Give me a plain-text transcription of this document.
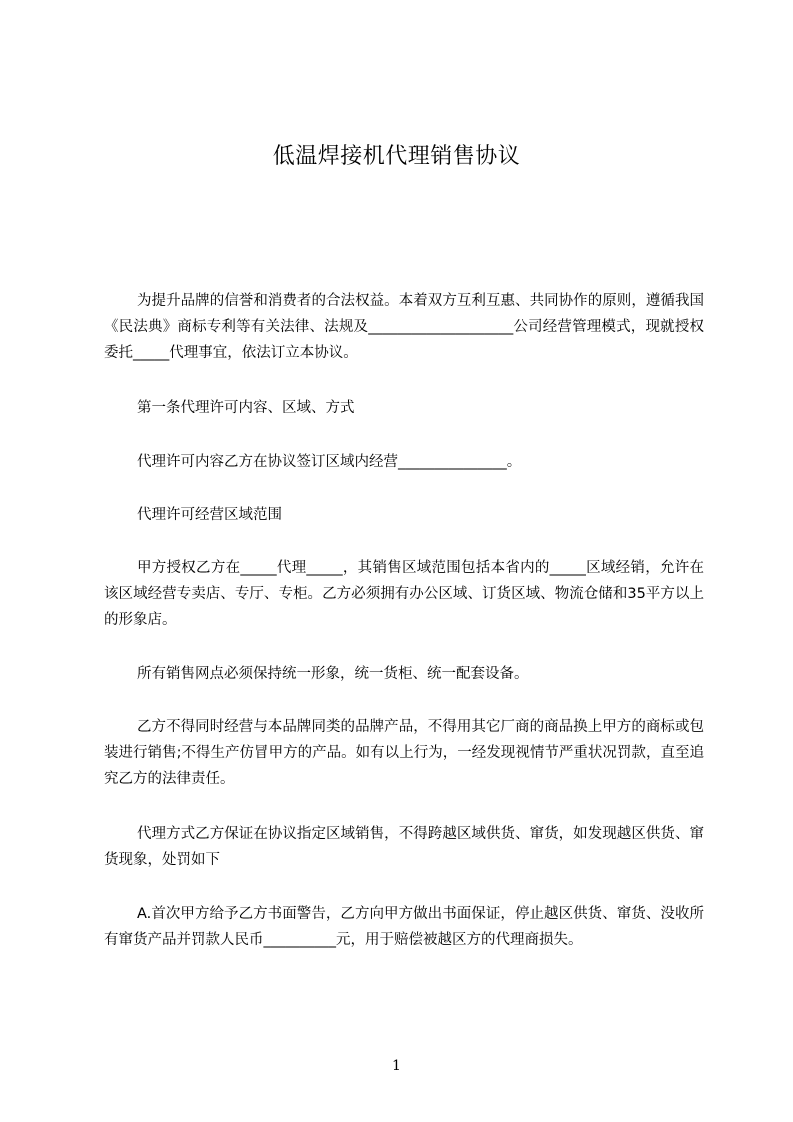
低温焊接机代理销售协议

为提升品牌的信誉和消费者的合法权益。本着双方互利互惠、共同协作的原则，遵循我国《民法典》商标专利等有关法律、法规及____________________公司经营管理模式，现就授权委托_____代理事宜，依法订立本协议。

第一条代理许可内容、区域、方式

代理许可内容乙方在协议签订区域内经营_______________。

代理许可经营区域范围

甲方授权乙方在_____代理_____，其销售区域范围包括本省内的_____区域经销，允许在该区域经营专卖店、专厅、专柜。乙方必须拥有办公区域、订货区域、物流仓储和35平方以上的形象店。

所有销售网点必须保持统一形象，统一货柜、统一配套设备。

乙方不得同时经营与本品牌同类的品牌产品，不得用其它厂商的商品换上甲方的商标或包装进行销售;不得生产仿冒甲方的产品。如有以上行为，一经发现视情节严重状况罚款，直至追究乙方的法律责任。

代理方式乙方保证在协议指定区域销售，不得跨越区域供货、窜货，如发现越区供货、窜货现象，处罚如下

A.首次甲方给予乙方书面警告，乙方向甲方做出书面保证，停止越区供货、窜货、没收所有窜货产品并罚款人民币__________元，用于赔偿被越区方的代理商损失。

1
